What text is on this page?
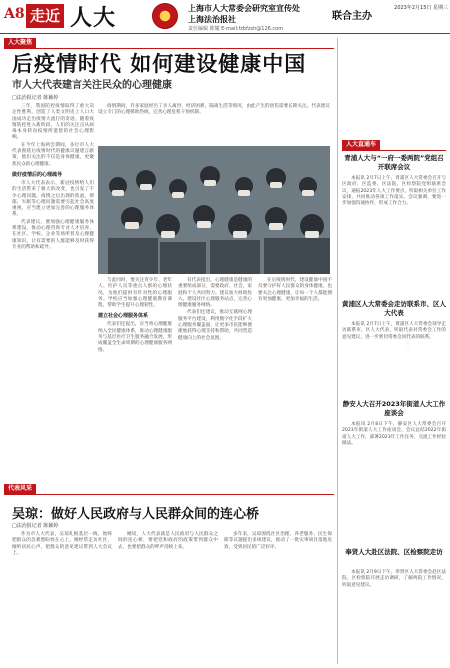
A8 走近 人大	上海市人大常委会研究室宣传处
上海法治报社
责任编辑 陈耀 E-mail:fzbfzsh@126.com
联合主办
2023年2月15日 星期三
人大聚焦
后疫情时代 如何建设健康中国
市人大代表建言关注民众的心理健康
□法治报记者 陈颖婷

三年，我国防控疫情取得了重大决定性胜利，创造了人类文明史上人口大国成功走出疫情大流行的奇迹。随着疫情防控进入新阶段，人们的关注点从病毒本身转向疫情所遗留的社会心理影响。

在今年上海两会期间，多位市人大代表围绕后疫情时代的健康议题建言献策，他们关注的不仅是身体健康，更聚焦民众的心理健康。

做好疫情后的心理疏导

市人大代表表示，新冠疫情给人们的生活带来了极大的改变，也引发了不少心理问题。疫情之后出现的焦虑、抑郁、失眠等心理问题需要引起社会高度重视，应当建立更加完善的心理服务体系。

代表建议，要加强心理健康服务体系建设，推动心理咨询专业人才培养，在社区、学校、企业等场所普及心理健康知识，让有需要的人群能够及时获得专业的帮助和疏导。

疫情期间，许多家庭经历了亲人离世、经济困难、隔离生活等情况，由此产生的创伤需要长期关注。代表建议设立专门的心理援助热线，完善心理危机干预机制。

资料图片

与此同时，要关注青少年、老年人、医护人员等重点人群的心理状况，为他们提供有针对性的心理服务。学校应当加强心理健康教育课程，帮助学生提升心理韧性。

建立社会心理服务体系

代表们还提出，应当将心理健康纳入全民健康体系，推动心理健康服务与基层医疗卫生服务融合发展，形成覆盖全生命周期的心理健康服务网络。

有代表指出，心理健康是健康的重要组成部分，需要政府、社会、家庭和个人共同努力。建议加大财政投入，建设社区心理服务站点，完善心理健康服务网络。

代表们还建议，推动互联网心理服务平台建设，利用数字化手段扩大心理服务覆盖面，让更多市民能够便捷地获得心理支持和帮助，共同营造健康向上的社会氛围。

在后疫情时代，建设健康中国不仅要守护好人民群众的身体健康，也要关注心理健康，让每一个人都能拥有更加健康、更加幸福的生活。

代表风采
吴琼：做好人民政府与人民群众间的连心桥
□法治报记者 陈颖婷

作为市人大代表，吴琼扎根基层一线，始终把群众的急难愁盼放在心上。她经常走访社区，倾听居民心声，把群众的意见建议带到人大会议上。

她说，人大代表就是人民政府与人民群众之间的连心桥，要把党和政府的政策带到群众中去，也要把群众的呼声反映上来。

多年来，吴琼围绕社区治理、养老服务、民生保障等议题提出多项建议，推动了一批实事项目落地见效，受到居民的广泛好评。

人大直通车
青浦人大与“一府一委两院”党组召开联席会议

本报讯 2月7日上午，青浦区人大常委会召开与区政府、区监委、区法院、区检察院党组联席会议，通报2023年人大工作要点，听取相关单位工作安排，共同推动各项工作落实。会议强调，要进一步加强沟通协作，形成工作合力。

黄浦区人大常委会走访联系市、区人大代表

本报讯 2月7日上午，黄浦区人大常委会领导走访联系市、区人大代表，听取代表对常委会工作的意见建议，进一步密切常委会同代表的联系。

静安人大召开2023年街道人大工作座谈会

本报讯 2月8日下午，静安区人大常委会召开2023年街道人大工作座谈会。会议总结2022年街道人大工作，部署2023年工作任务，交流工作经验做法。

奉贤人大赴区法院、区检察院走访

本报讯 2月9日下午，奉贤区人大常委会赴区法院、区检察院开展走访调研，了解两院工作情况，听取意见建议。
